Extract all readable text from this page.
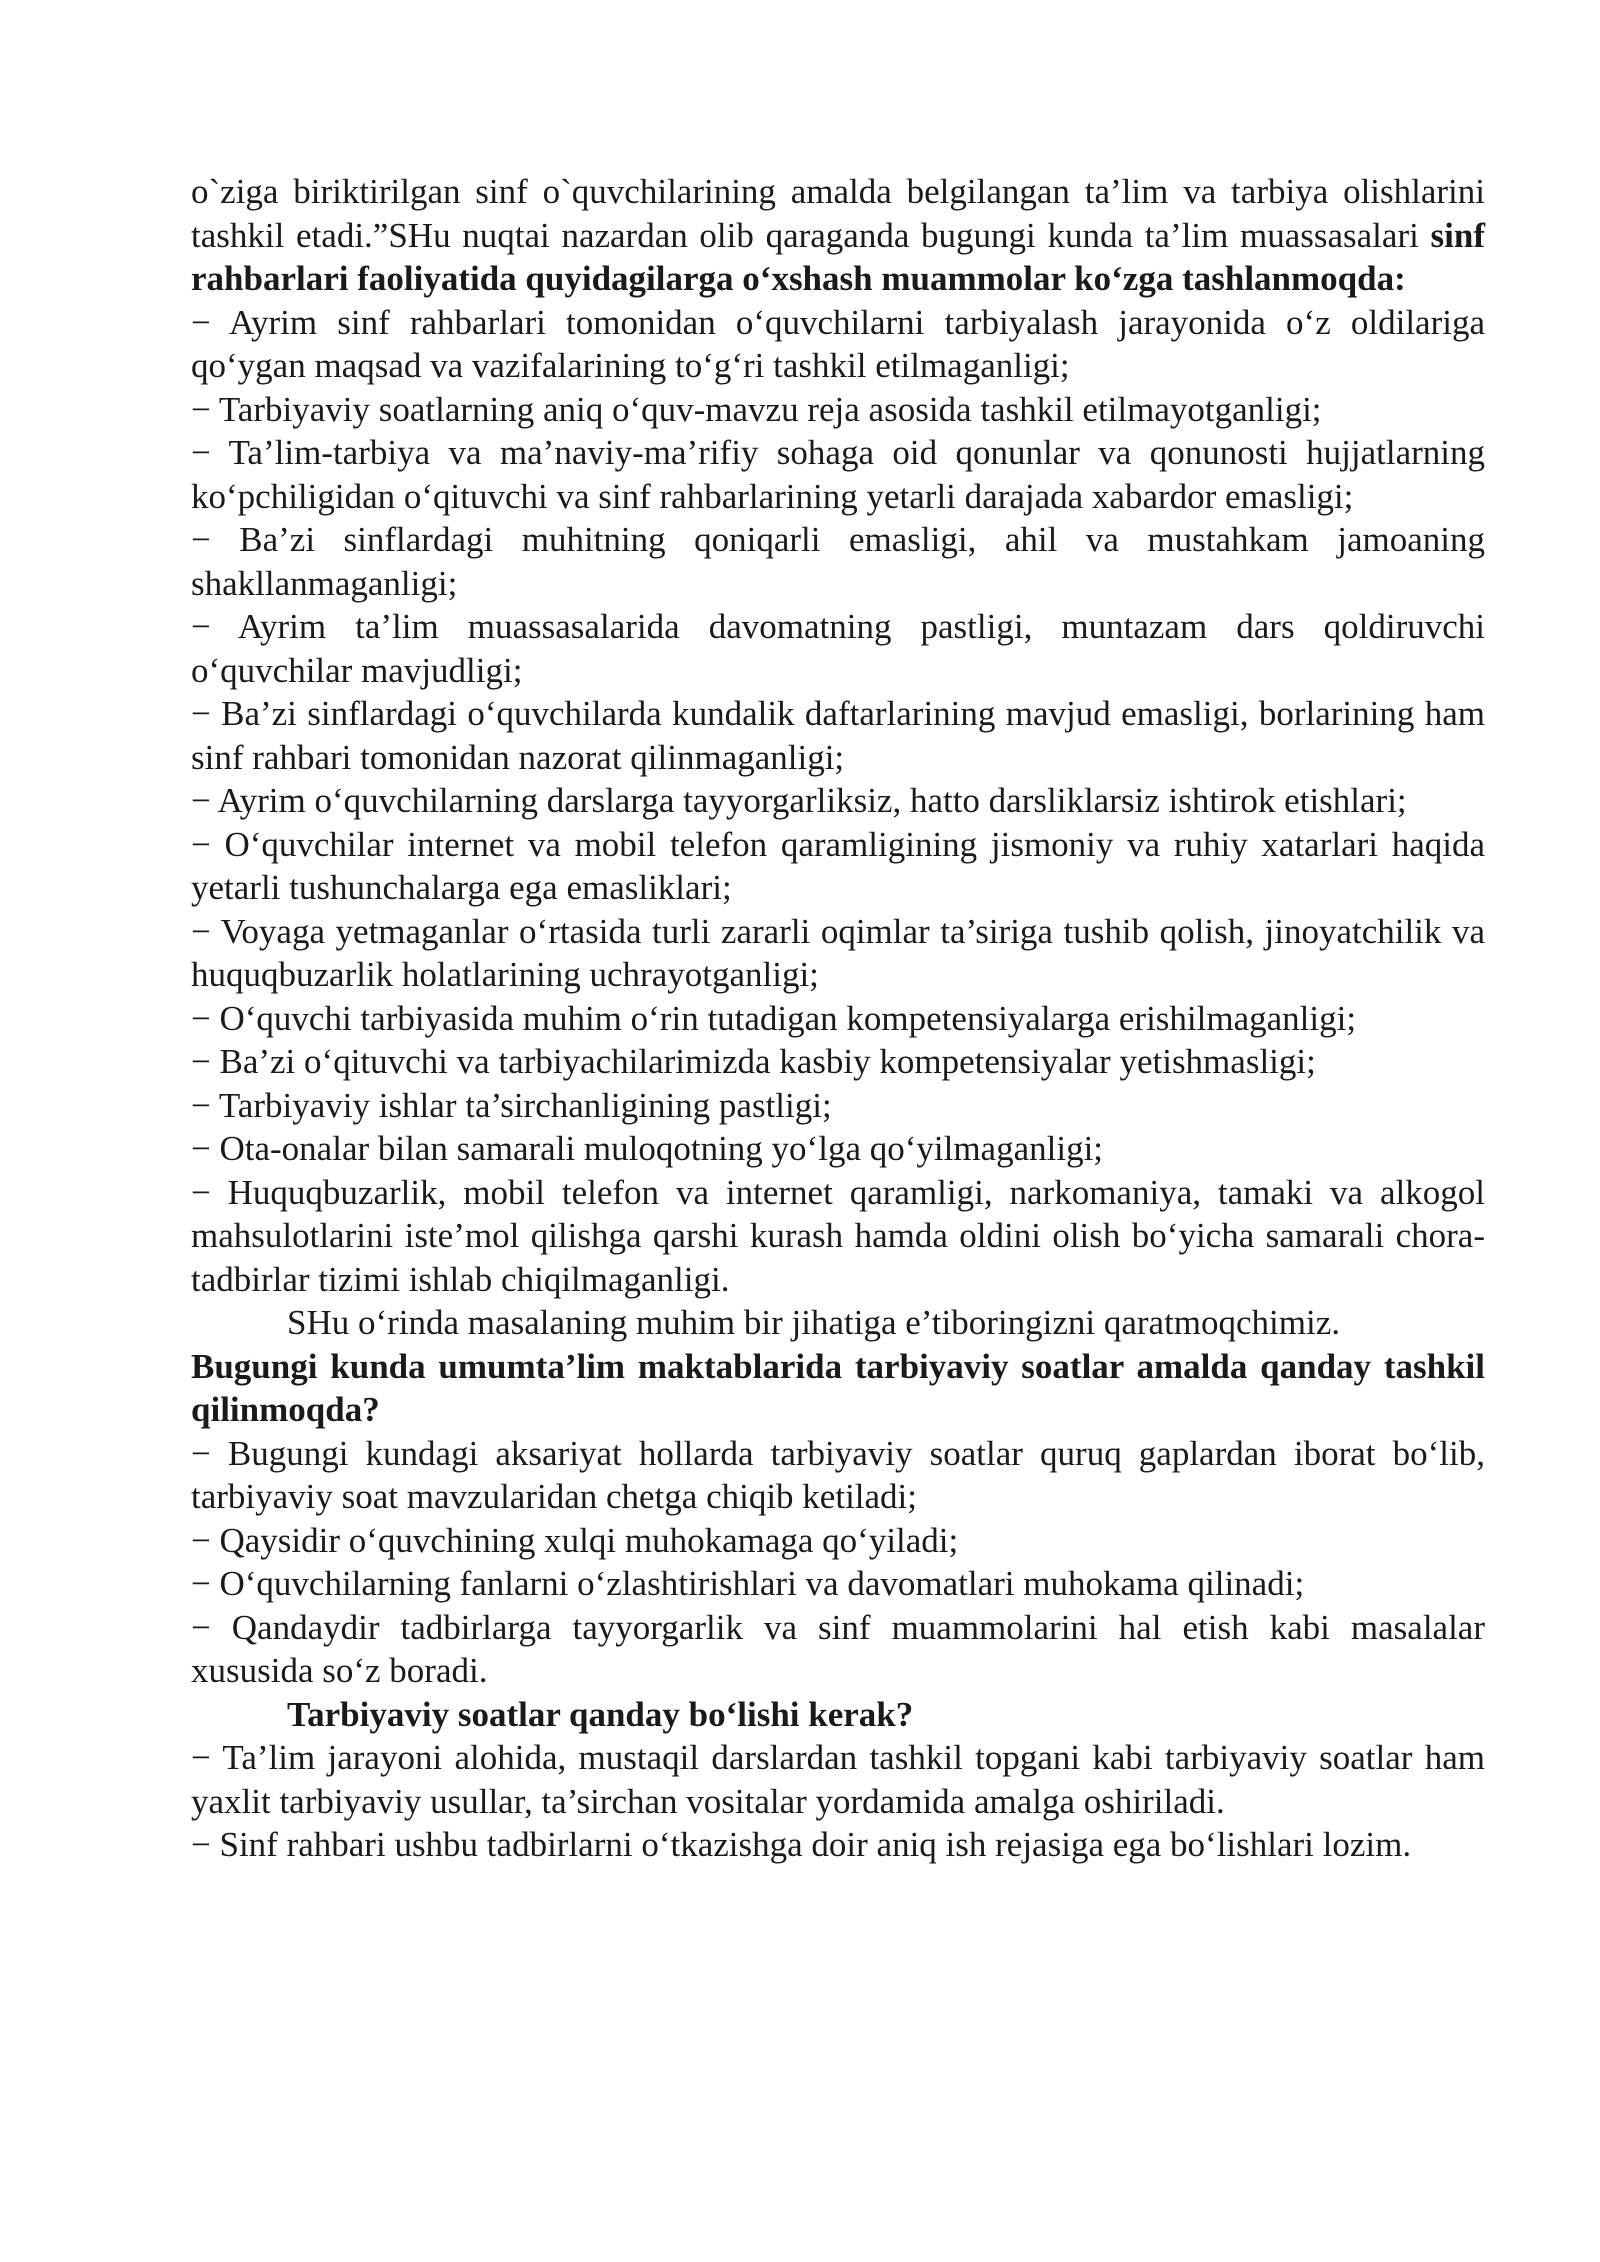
o`ziga biriktirilgan sinf o`quvchilarining amalda belgilangan ta’lim va tarbiya olishlarini tashkil etadi.”SHu nuqtai nazardan olib qaraganda bugungi kunda ta’lim muassasalari sinf rahbarlari faoliyatida quyidagilarga o‘xshash muammolar ko‘zga tashlanmoqda:

− Ayrim sinf rahbarlari tomonidan o‘quvchilarni tarbiyalash jarayonida o‘z oldilariga qo‘ygan maqsad va vazifalarining to‘g‘ri tashkil etilmaganligi;

− Tarbiyaviy soatlarning aniq o‘quv-mavzu reja asosida tashkil etilmayotganligi;

− Ta’lim-tarbiya va ma’naviy-ma’rifiy sohaga oid qonunlar va qonunosti hujjatlarning ko‘pchiligidan o‘qituvchi va sinf rahbarlarining yetarli darajada xabardor emasligi;

− Ba’zi sinflardagi muhitning qoniqarli emasligi, ahil va mustahkam jamoaning shakllanmaganligi;

− Ayrim ta’lim muassasalarida davomatning pastligi, muntazam dars qoldiruvchi o‘quvchilar mavjudligi;

− Ba’zi sinflardagi o‘quvchilarda kundalik daftarlarining mavjud emasligi, borlarining ham sinf rahbari tomonidan nazorat qilinmaganligi;

− Ayrim o‘quvchilarning darslarga tayyorgarliksiz, hatto darsliklarsiz ishtirok etishlari;

− O‘quvchilar internet va mobil telefon qaramligining jismoniy va ruhiy xatarlari haqida yetarli tushunchalarga ega emasliklari;

− Voyaga yetmaganlar o‘rtasida turli zararli oqimlar ta’siriga tushib qolish, jinoyatchilik va huquqbuzarlik holatlarining uchrayotganligi;

− O‘quvchi tarbiyasida muhim o‘rin tutadigan kompetensiyalarga erishilmaganligi;

− Ba’zi o‘qituvchi va tarbiyachilarimizda kasbiy kompetensiyalar yetishmasligi;

− Tarbiyaviy ishlar ta’sirchanligining pastligi;

− Ota-onalar bilan samarali muloqotning yo‘lga qo‘yilmaganligi;

− Huquqbuzarlik, mobil telefon va internet qaramligi, narkomaniya, tamaki va alkogol mahsulotlarini iste’mol qilishga qarshi kurash hamda oldini olish bo‘yicha samarali chora-tadbirlar tizimi ishlab chiqilmaganligi.

SHu o‘rinda masalaning muhim bir jihatiga e’tiboringizni qaratmoqchimiz.

Bugungi kunda umumta’lim maktablarida tarbiyaviy soatlar amalda qanday tashkil qilinmoqda?

− Bugungi kundagi aksariyat hollarda tarbiyaviy soatlar quruq gaplardan iborat bo‘lib, tarbiyaviy soat mavzularidan chetga chiqib ketiladi;

− Qaysidir o‘quvchining xulqi muhokamaga qo‘yiladi;

− O‘quvchilarning fanlarni o‘zlashtirishlari va davomatlari muhokama qilinadi;

− Qandaydir tadbirlarga tayyorgarlik va sinf muammolarini hal etish kabi masalalar xususida so‘z boradi.

Tarbiyaviy soatlar qanday bo‘lishi kerak?

− Ta’lim jarayoni alohida, mustaqil darslardan tashkil topgani kabi tarbiyaviy soatlar ham yaxlit tarbiyaviy usullar, ta’sirchan vositalar yordamida amalga oshiriladi.

− Sinf rahbari ushbu tadbirlarni o‘tkazishga doir aniq ish rejasiga ega bo‘lishlari lozim.
